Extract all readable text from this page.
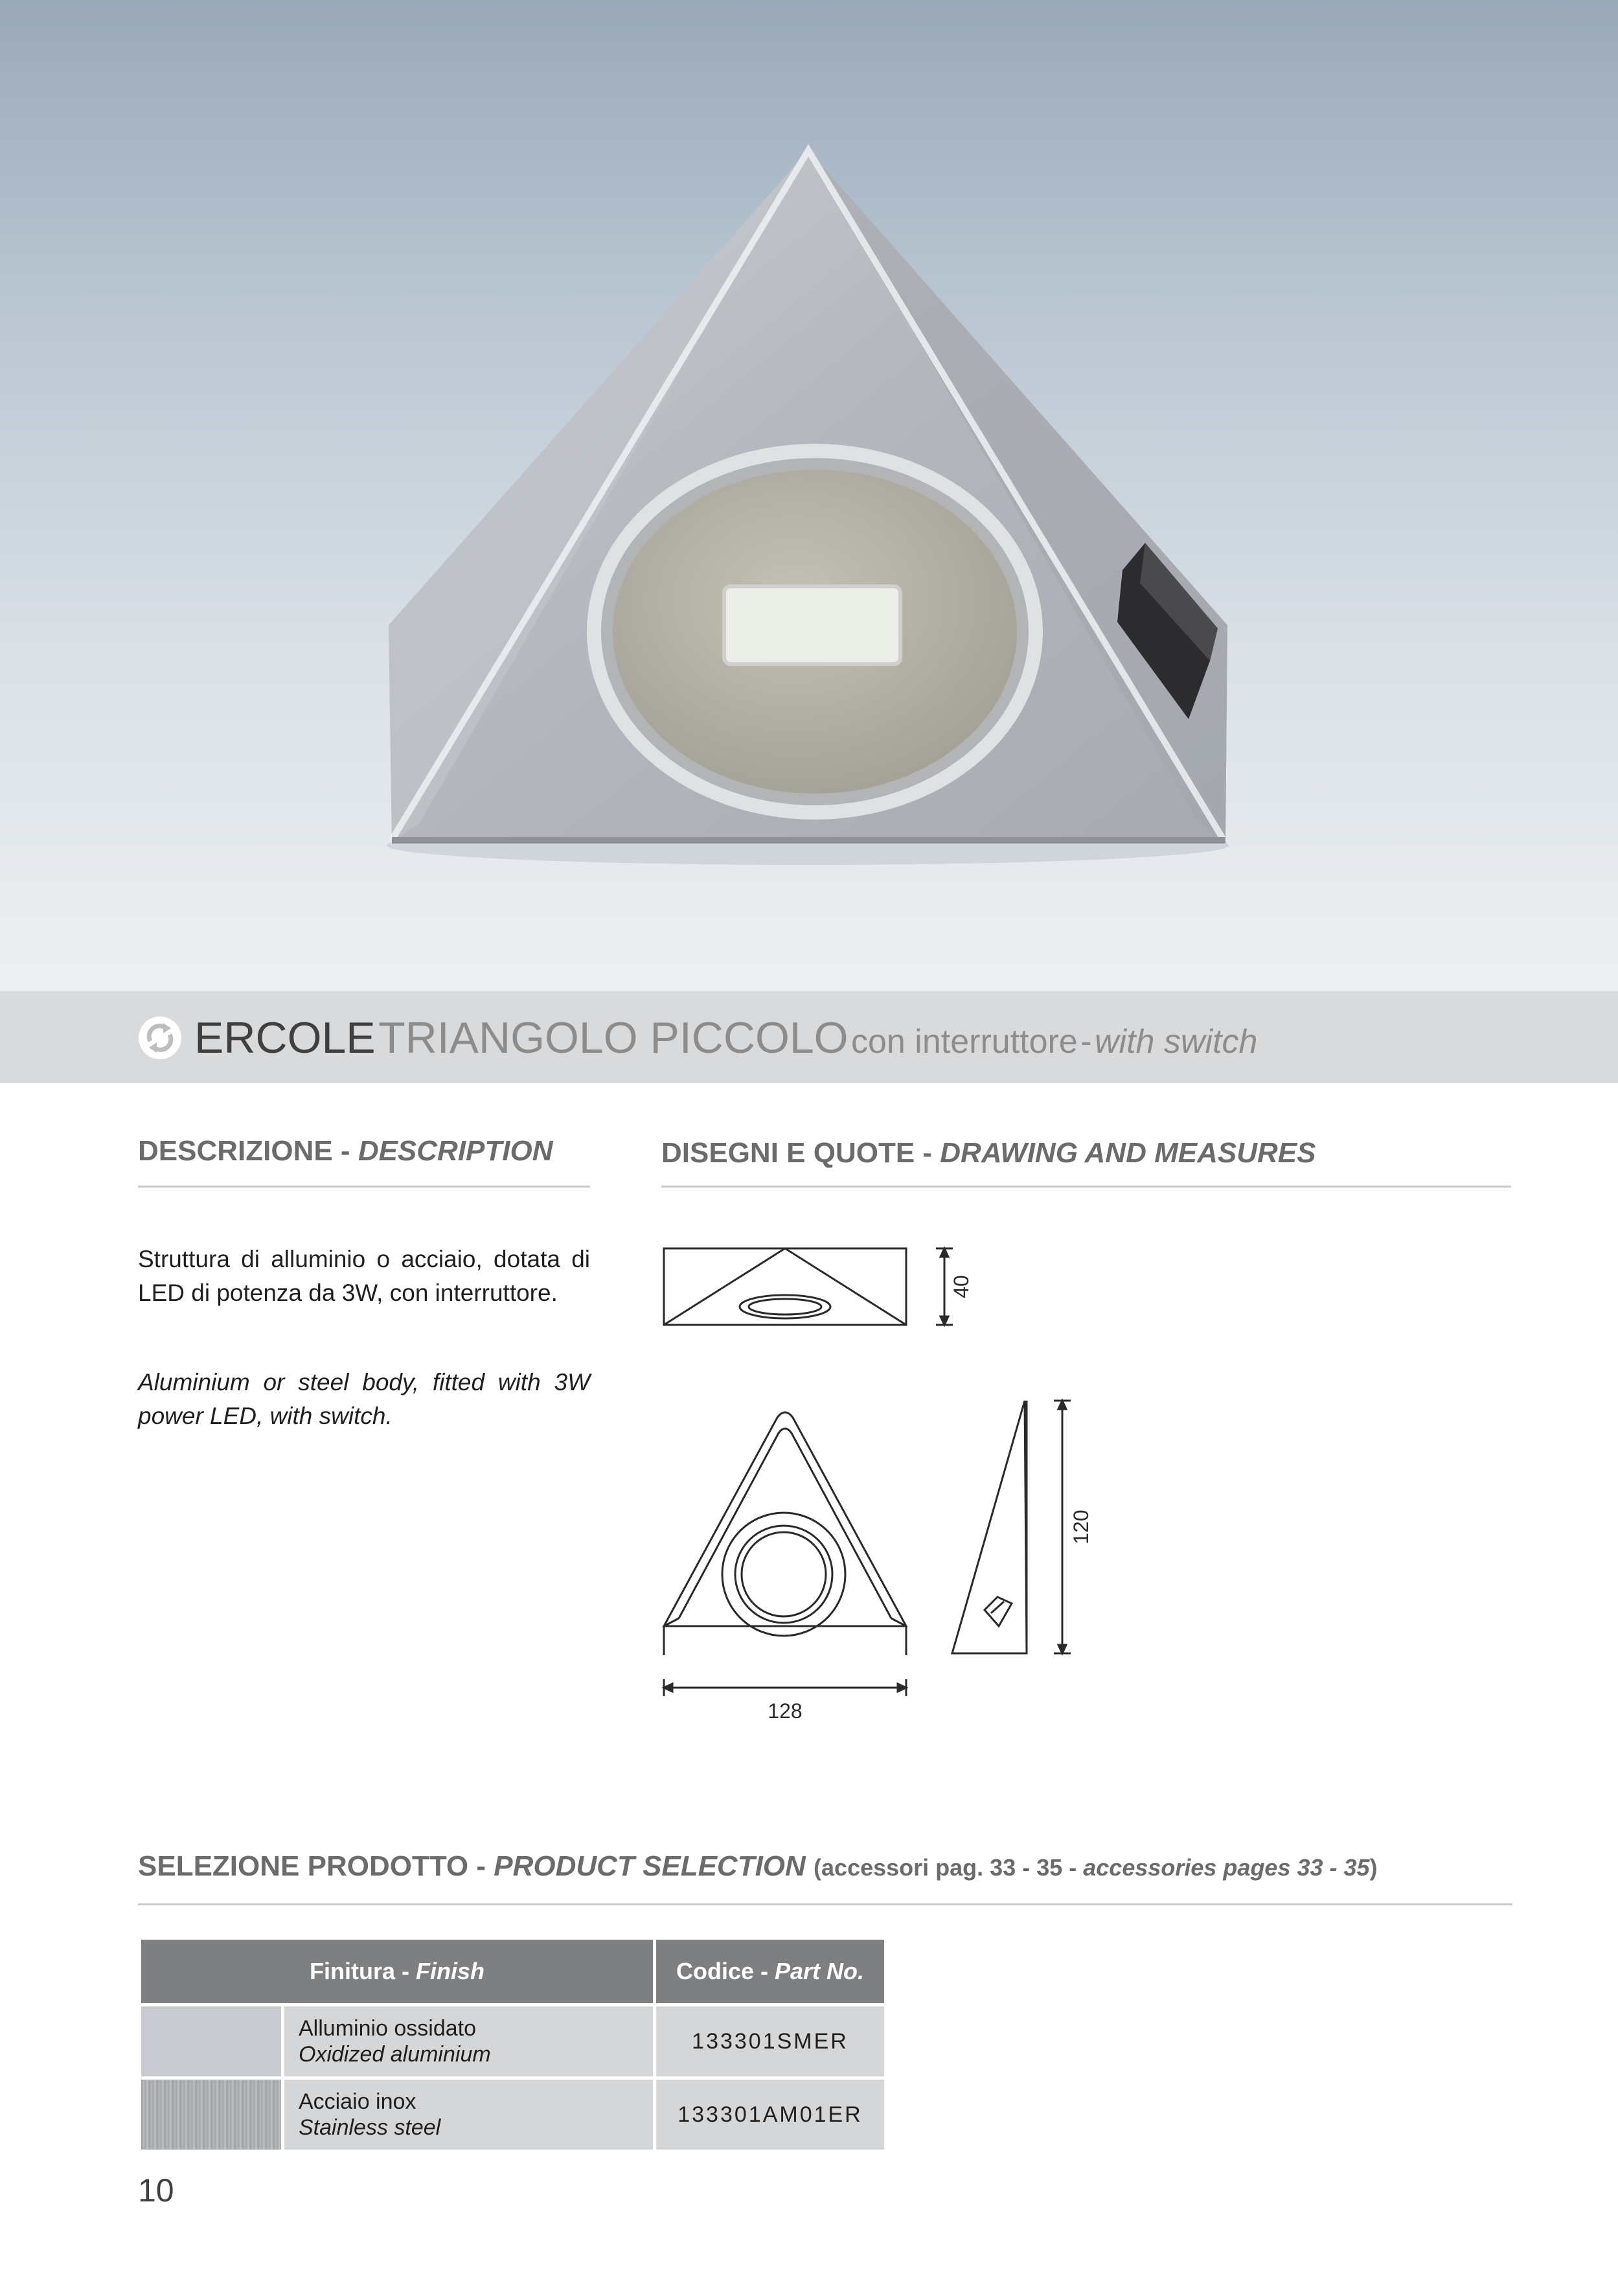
ERCOLE TRIANGOLO PICCOLO con interruttore - with switch
DESCRIZIONE - DESCRIPTION
Struttura di alluminio o acciaio, dotata di LED di potenza da 3W, con interruttore.
Aluminium or steel body, fitted with 3W power LED, with switch.
DISEGNI E QUOTE - DRAWING AND MEASURES
40
120
128
SELEZIONE PRODOTTO - PRODUCT SELECTION (accessori pag. 33 - 35 - accessories pages 33 - 35)
Finitura - Finish		Codice - Part No.

	Alluminio ossidato
Oxidized aluminium	133301SMER

	Acciaio inox
Stainless steel	133301AM01ER
10
